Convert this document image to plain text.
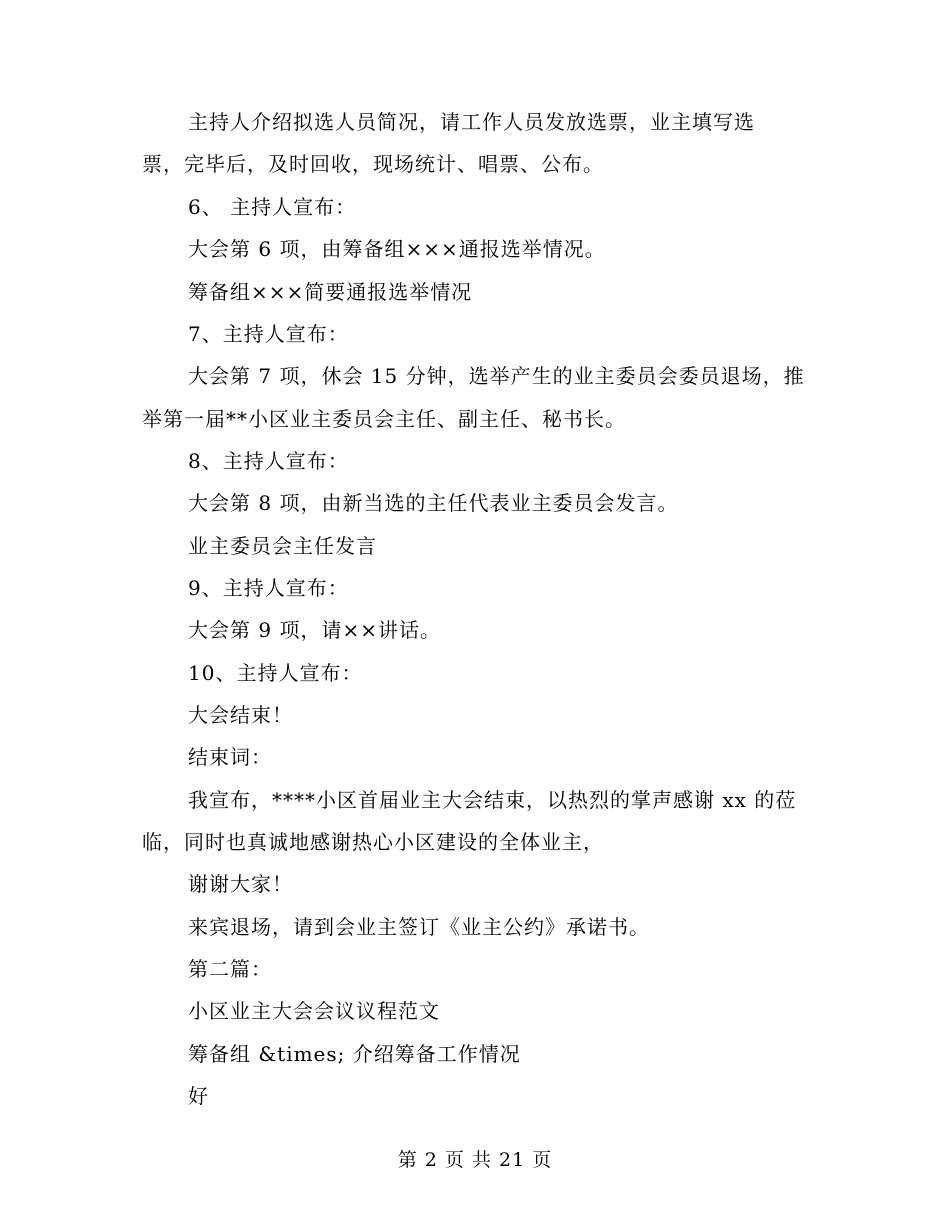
主持人介绍拟选人员简况，请工作人员发放选票，业主填写选
票，完毕后，及时回收，现场统计、唱票、公布。
6、 主持人宣布：
大会第 6 项，由筹备组×××通报选举情况。
筹备组×××简要通报选举情况
7、主持人宣布：
大会第 7 项，休会 15 分钟，选举产生的业主委员会委员退场，推
举第一届**小区业主委员会主任、副主任、秘书长。
8、主持人宣布：
大会第 8 项，由新当选的主任代表业主委员会发言。
业主委员会主任发言
9、主持人宣布：
大会第 9 项，请××讲话。
10、主持人宣布：
大会结束！
结束词：
我宣布，****小区首届业主大会结束，以热烈的掌声感谢 xx 的莅
临，同时也真诚地感谢热心小区建设的全体业主，
谢谢大家！
来宾退场，请到会业主签订《业主公约》承诺书。
第二篇：
小区业主大会会议议程范文
筹备组 &times; 介绍筹备工作情况
好
第 2 页 共 21 页
